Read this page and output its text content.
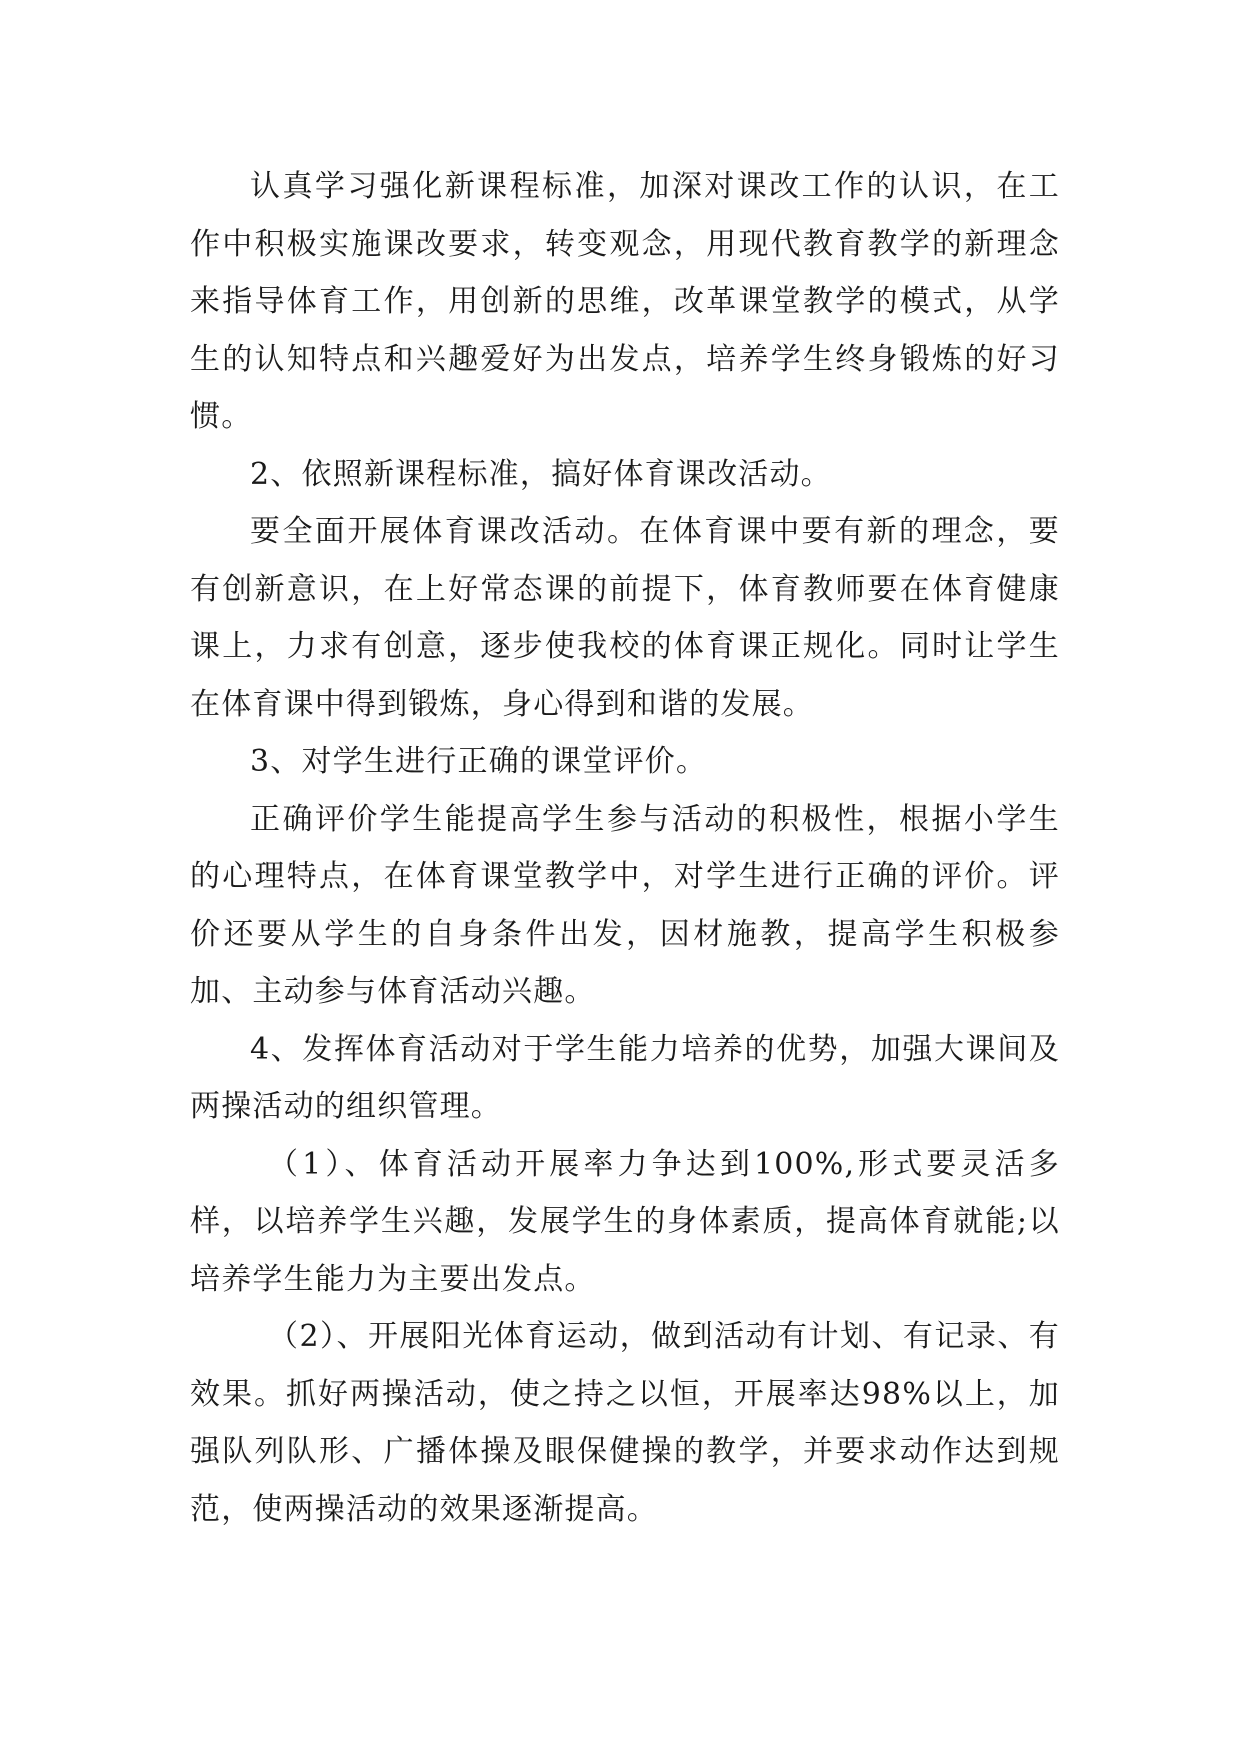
认真学习强化新课程标准，加深对课改工作的认识，在工作中积极实施课改要求，转变观念，用现代教育教学的新理念来指导体育工作，用创新的思维，改革课堂教学的模式，从学生的认知特点和兴趣爱好为出发点，培养学生终身锻炼的好习惯。

2、依照新课程标准，搞好体育课改活动。

要全面开展体育课改活动。在体育课中要有新的理念，要有创新意识，在上好常态课的前提下，体育教师要在体育健康课上，力求有创意，逐步使我校的体育课正规化。同时让学生在体育课中得到锻炼，身心得到和谐的发展。

3、对学生进行正确的课堂评价。

正确评价学生能提高学生参与活动的积极性，根据小学生的心理特点，在体育课堂教学中，对学生进行正确的评价。评价还要从学生的自身条件出发，因材施教，提高学生积极参加、主动参与体育活动兴趣。

4、发挥体育活动对于学生能力培养的优势，加强大课间及两操活动的组织管理。

（1）、体育活动开展率力争达到100%,形式要灵活多样，以培养学生兴趣，发展学生的身体素质，提高体育就能;以培养学生能力为主要出发点。

（2）、开展阳光体育运动，做到活动有计划、有记录、有效果。抓好两操活动，使之持之以恒，开展率达98%以上，加强队列队形、广播体操及眼保健操的教学，并要求动作达到规范，使两操活动的效果逐渐提高。
